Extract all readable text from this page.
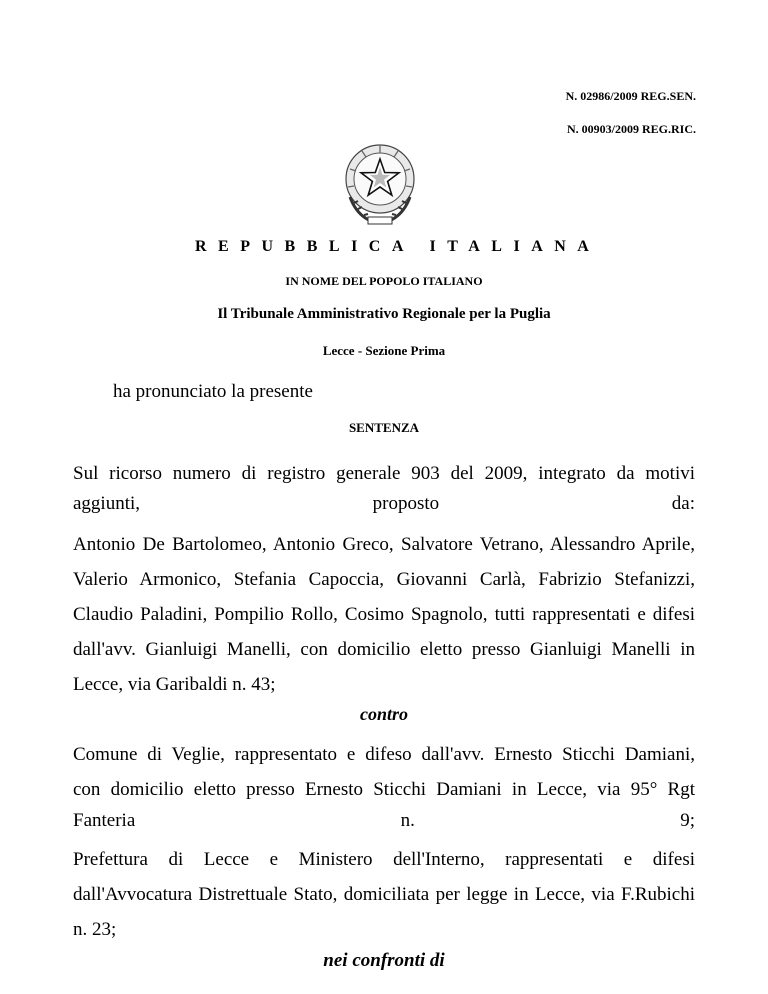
N. 02986/2009 REG.SEN.
N. 00903/2009 REG.RIC.
REPUBBLICA ITALIANA
IN NOME DEL POPOLO ITALIANO
Il Tribunale Amministrativo Regionale per la Puglia
Lecce - Sezione Prima
ha pronunciato la presente
SENTENZA
Sul ricorso numero di registro generale 903 del 2009, integrato da motivi
aggiunti,	proposto	da:
Antonio De Bartolomeo, Antonio Greco, Salvatore Vetrano, Alessandro Aprile,
Valerio Armonico, Stefania Capoccia, Giovanni Carlà, Fabrizio Stefanizzi,
Claudio Paladini, Pompilio Rollo, Cosimo Spagnolo, tutti rappresentati e difesi
dall'avv. Gianluigi Manelli, con domicilio eletto presso Gianluigi Manelli in
Lecce, via Garibaldi n. 43;
contro
Comune di Veglie, rappresentato e difeso dall'avv. Ernesto Sticchi Damiani,
con domicilio eletto presso Ernesto Sticchi Damiani in Lecce, via 95° Rgt
Fanteria	n.	9;
Prefettura di Lecce e Ministero dell'Interno, rappresentati e difesi
dall'Avvocatura Distrettuale Stato, domiciliata per legge in Lecce, via F.Rubichi
n. 23;
nei confronti di
